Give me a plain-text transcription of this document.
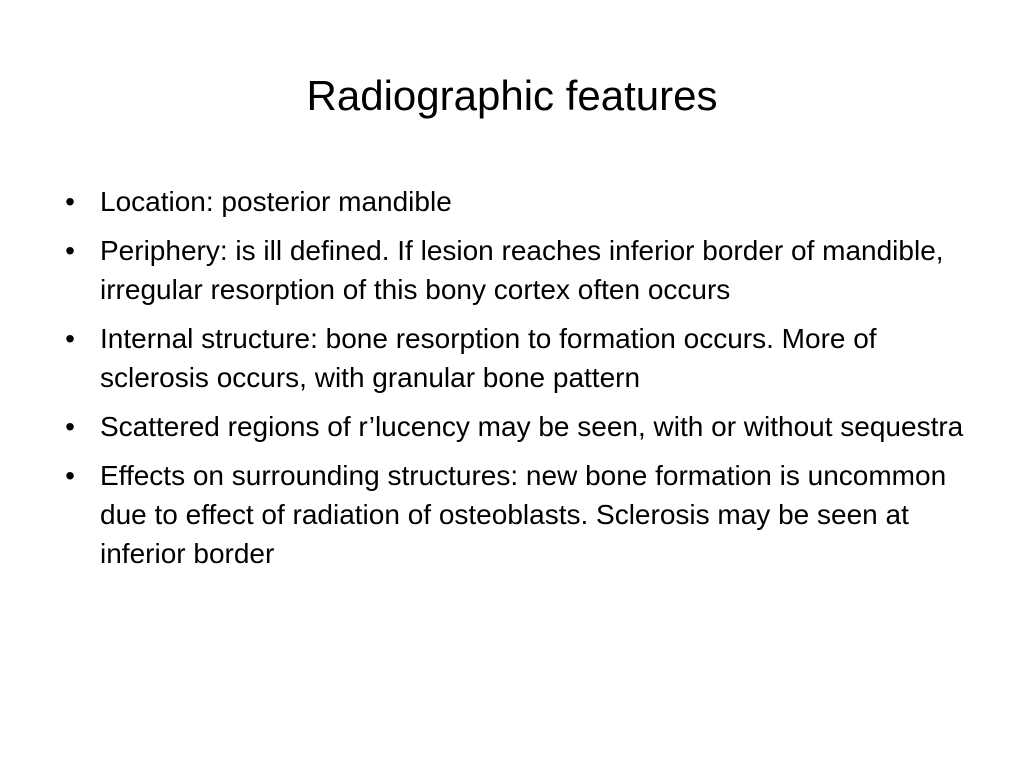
Radiographic features
• Location: posterior mandible
• Periphery: is ill defined. If lesion reaches inferior border of mandible, irregular resorption of this bony cortex often occurs
• Internal structure: bone resorption to formation occurs. More of sclerosis occurs, with granular bone pattern
• Scattered regions of r’lucency may be seen, with or without sequestra
• Effects on surrounding structures: new bone formation is uncommon due to effect of radiation of osteoblasts. Sclerosis may be seen at inferior border
